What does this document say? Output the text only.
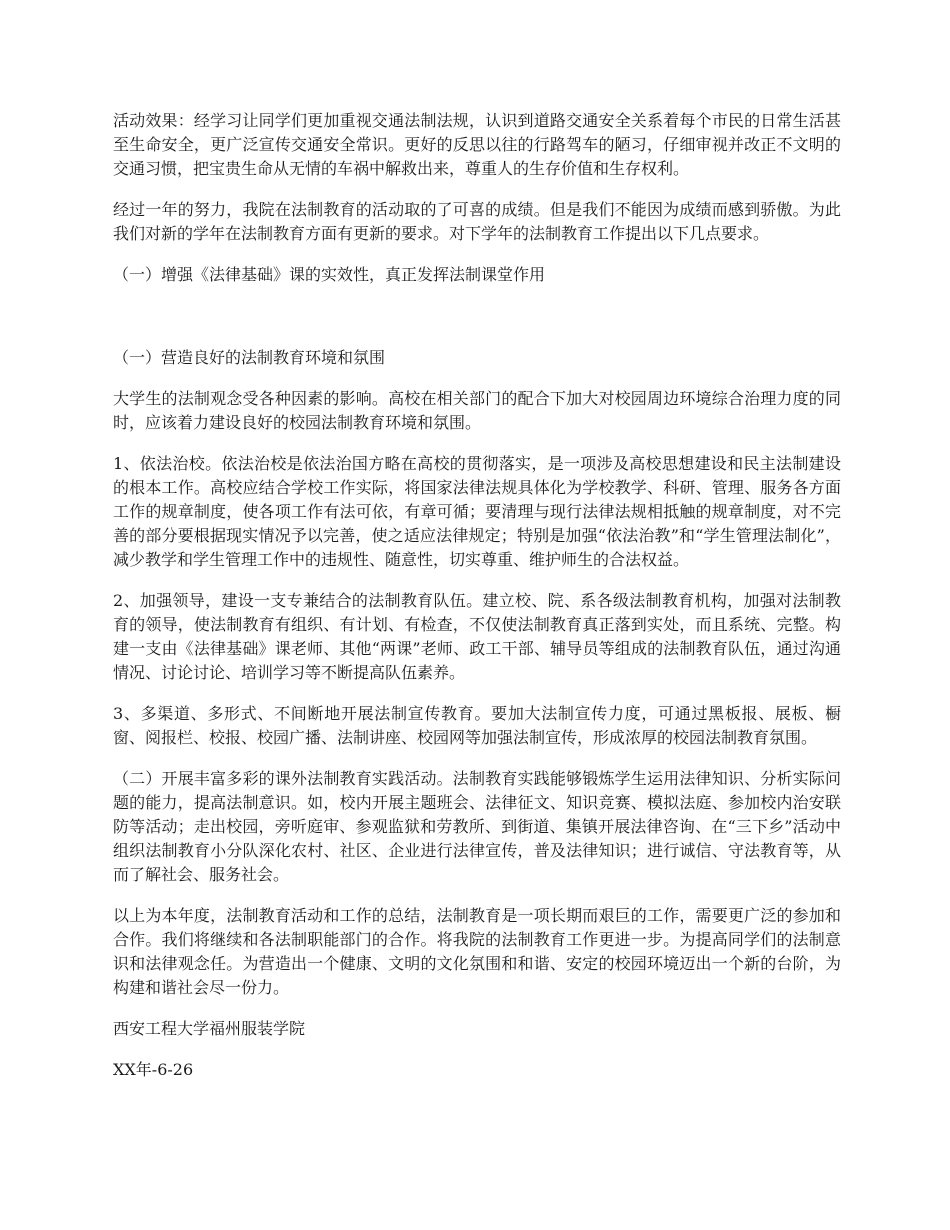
活动效果：经学习让同学们更加重视交通法制法规，认识到道路交通安全关系着每个市民的日常生活甚至生命安全，更广泛宣传交通安全常识。更好的反思以往的行路驾车的陋习，仔细审视并改正不文明的交通习惯，把宝贵生命从无情的车祸中解救出来，尊重人的生存价值和生存权利。

经过一年的努力，我院在法制教育的活动取的了可喜的成绩。但是我们不能因为成绩而感到骄傲。为此我们对新的学年在法制教育方面有更新的要求。对下学年的法制教育工作提出以下几点要求。

（一）增强《法律基础》课的实效性，真正发挥法制课堂作用

（一）营造良好的法制教育环境和氛围

大学生的法制观念受各种因素的影响。高校在相关部门的配合下加大对校园周边环境综合治理力度的同时，应该着力建设良好的校园法制教育环境和氛围。

1、依法治校。依法治校是依法治国方略在高校的贯彻落实，是一项涉及高校思想建设和民主法制建设的根本工作。高校应结合学校工作实际，将国家法律法规具体化为学校教学、科研、管理、服务各方面工作的规章制度，使各项工作有法可依，有章可循；要清理与现行法律法规相抵触的规章制度，对不完善的部分要根据现实情况予以完善，使之适应法律规定；特别是加强“依法治教”和“学生管理法制化”，减少教学和学生管理工作中的违规性、随意性，切实尊重、维护师生的合法权益。

2、加强领导，建设一支专兼结合的法制教育队伍。建立校、院、系各级法制教育机构，加强对法制教育的领导，使法制教育有组织、有计划、有检查，不仅使法制教育真正落到实处，而且系统、完整。构建一支由《法律基础》课老师、其他“两课”老师、政工干部、辅导员等组成的法制教育队伍，通过沟通情况、讨论讨论、培训学习等不断提高队伍素养。

3、多渠道、多形式、不间断地开展法制宣传教育。要加大法制宣传力度，可通过黑板报、展板、橱窗、阅报栏、校报、校园广播、法制讲座、校园网等加强法制宣传，形成浓厚的校园法制教育氛围。

（二）开展丰富多彩的课外法制教育实践活动。法制教育实践能够锻炼学生运用法律知识、分析实际问题的能力，提高法制意识。如，校内开展主题班会、法律征文、知识竞赛、模拟法庭、参加校内治安联防等活动；走出校园，旁听庭审、参观监狱和劳教所、到街道、集镇开展法律咨询、在“三下乡”活动中组织法制教育小分队深化农村、社区、企业进行法律宣传，普及法律知识；进行诚信、守法教育等，从而了解社会、服务社会。

以上为本年度，法制教育活动和工作的总结，法制教育是一项长期而艰巨的工作，需要更广泛的参加和合作。我们将继续和各法制职能部门的合作。将我院的法制教育工作更进一步。为提高同学们的法制意识和法律观念任。为营造出一个健康、文明的文化氛围和和谐、安定的校园环境迈出一个新的台阶，为构建和谐社会尽一份力。

西安工程大学福州服装学院

XX年-6-26
